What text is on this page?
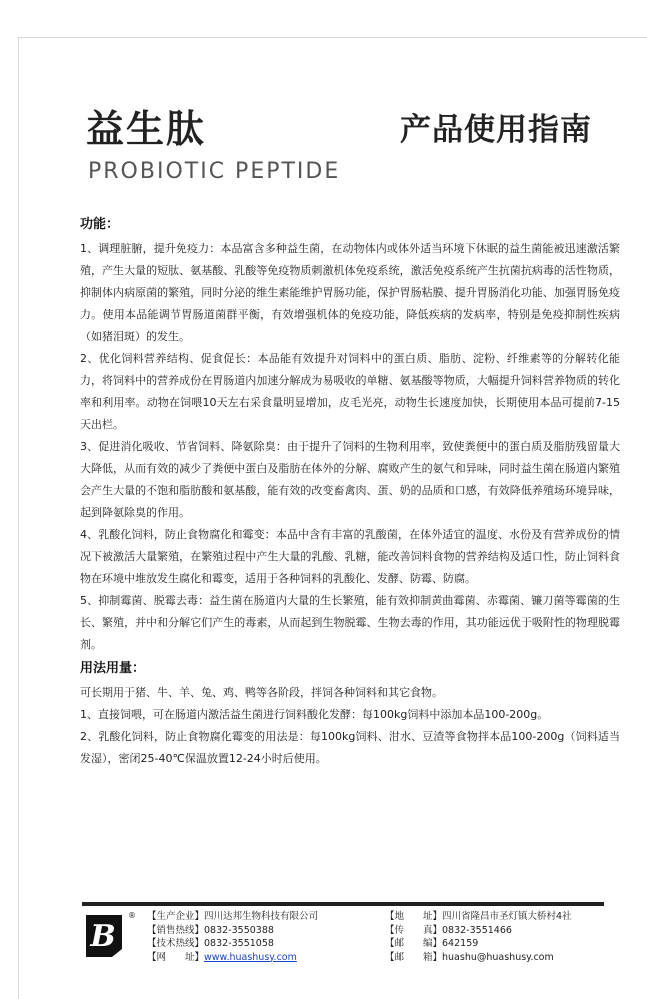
益生肽	产品使用指南
PROBIOTIC PEPTIDE
功能：

1、调理脏腑，提升免疫力：本品富含多种益生菌，在动物体内或体外适当环境下休眠的益生菌能被迅速激活繁殖，产生大量的短肽、氨基酸、乳酸等免疫物质刺激机体免疫系统，激活免疫系统产生抗菌抗病毒的活性物质，抑制体内病原菌的繁殖，同时分泌的维生素能维护胃肠功能，保护胃肠粘膜、提升胃肠消化功能、加强胃肠免疫力。使用本品能调节胃肠道菌群平衡，有效增强机体的免疫功能，降低疾病的发病率，特别是免疫抑制性疾病（如猪泪斑）的发生。

2、优化饲料营养结构、促食促长：本品能有效提升对饲料中的蛋白质、脂肪、淀粉、纤维素等的分解转化能力，将饲料中的营养成份在胃肠道内加速分解成为易吸收的单糖、氨基酸等物质，大幅提升饲料营养物质的转化率和利用率。动物在饲喂10天左右采食量明显增加，皮毛光亮，动物生长速度加快，长期使用本品可提前7-15天出栏。

3、促进消化吸收、节省饲料、降氨除臭：由于提升了饲料的生物利用率，致使粪便中的蛋白质及脂肪残留量大大降低，从而有效的减少了粪便中蛋白及脂肪在体外的分解、腐败产生的氨气和异味，同时益生菌在肠道内繁殖会产生大量的不饱和脂肪酸和氨基酸，能有效的改变畜禽肉、蛋、奶的品质和口感，有效降低养殖场环境异味，起到降氨除臭的作用。

4、乳酸化饲料，防止食物腐化和霉变：本品中含有丰富的乳酸菌，在体外适宜的温度、水份及有营养成份的情况下被激活大量繁殖，在繁殖过程中产生大量的乳酸、乳糖，能改善饲料食物的营养结构及适口性，防止饲料食物在环境中堆放发生腐化和霉变，适用于各种饲料的乳酸化、发酵、防霉、防腐。

5、抑制霉菌、脱霉去毒：益生菌在肠道内大量的生长繁殖，能有效抑制黄曲霉菌、赤霉菌、镰刀菌等霉菌的生长、繁殖，并中和分解它们产生的毒素，从而起到生物脱霉、生物去毒的作用，其功能远优于吸附性的物理脱霉剂。

用法用量：

可长期用于猪、牛、羊、兔、鸡、鸭等各阶段，拌饲各种饲料和其它食物。

1、直接饲喂，可在肠道内激活益生菌进行饲料酸化发酵：每100kg饲料中添加本品100-200g。

2、乳酸化饲料，防止食物腐化霉变的用法是：每100kg饲料、泔水、豆渣等食物拌本品100-200g（饲料适当发湿），密闭25-40℃保温放置12-24小时后使用。

B
® 【生产企业】四川达邦生物科技有限公司
【销售热线】0832-3550388
【技术热线】0832-3551058
【网　　址】www.huashusy.com
【地　　址】四川省隆昌市圣灯镇大桥村4社
【传　　真】0832-3551466
【邮　　编】642159
【邮　　箱】huashu@huashusy.com
